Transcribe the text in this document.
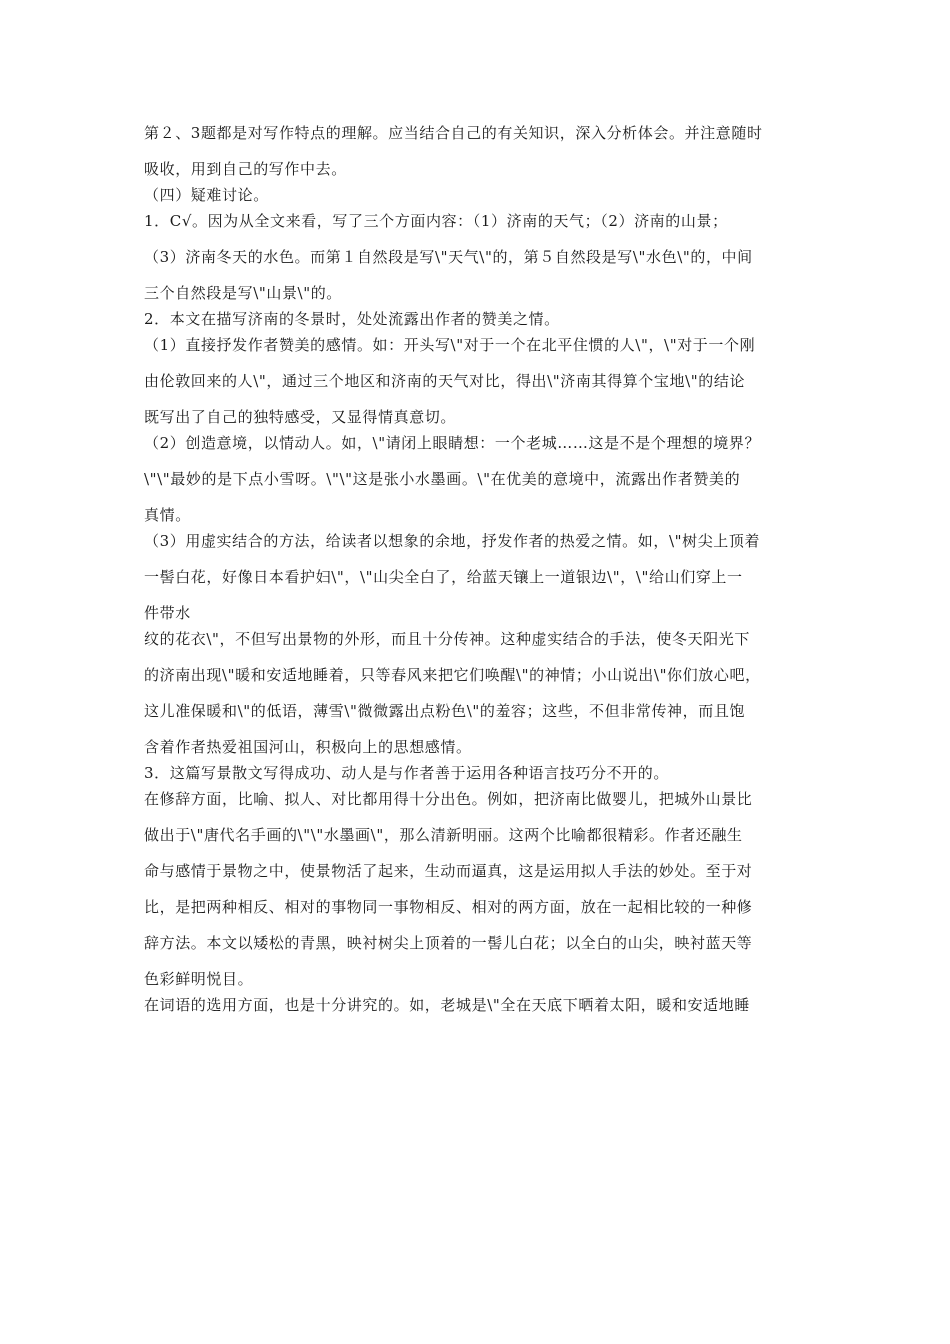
第２、3题都是对写作特点的理解。应当结合自己的有关知识，深入分析体会。并注意随时

吸收，用到自己的写作中去。

（四）疑难讨论。

1．C√。因为从全文来看，写了三个方面内容：（1）济南的天气；（2）济南的山景；

（3）济南冬天的水色。而第１自然段是写\"天气\"的，第５自然段是写\"水色\"的，中间

三个自然段是写\"山景\"的。

2．本文在描写济南的冬景时，处处流露出作者的赞美之情。

（1）直接抒发作者赞美的感情。如：开头写\"对于一个在北平住惯的人\"，\"对于一个刚

由伦敦回来的人\"，通过三个地区和济南的天气对比，得出\"济南其得算个宝地\"的结论

既写出了自己的独特感受，又显得情真意切。

（2）创造意境，以情动人。如，\"请闭上眼睛想：一个老城……这是不是个理想的境界？

\"\"最妙的是下点小雪呀。\"\"这是张小水墨画。\"在优美的意境中，流露出作者赞美的

真情。

（3）用虚实结合的方法，给读者以想象的余地，抒发作者的热爱之情。如，\"树尖上顶着

一髻白花，好像日本看护妇\"，\"山尖全白了，给蓝天镶上一道银边\"，\"给山们穿上一

件带水

纹的花衣\"，不但写出景物的外形，而且十分传神。这种虚实结合的手法，使冬天阳光下

的济南出现\"暖和安适地睡着，只等春风来把它们唤醒\"的神情；小山说出\"你们放心吧，

这儿准保暖和\"的低语，薄雪\"微微露出点粉色\"的羞容；这些，不但非常传神，而且饱

含着作者热爱祖国河山，积极向上的思想感情。

3．这篇写景散文写得成功、动人是与作者善于运用各种语言技巧分不开的。

在修辞方面，比喻、拟人、对比都用得十分出色。例如，把济南比做婴儿，把城外山景比

做出于\"唐代名手画的\"\"水墨画\"，那么清新明丽。这两个比喻都很精彩。作者还融生

命与感情于景物之中，使景物活了起来，生动而逼真，这是运用拟人手法的妙处。至于对

比，是把两种相反、相对的事物同一事物相反、相对的两方面，放在一起相比较的一种修

辞方法。本文以矮松的青黑，映衬树尖上顶着的一髻儿白花；以全白的山尖，映衬蓝天等

色彩鲜明悦目。

在词语的选用方面，也是十分讲究的。如，老城是\"全在天底下晒着太阳，暖和安适地睡
